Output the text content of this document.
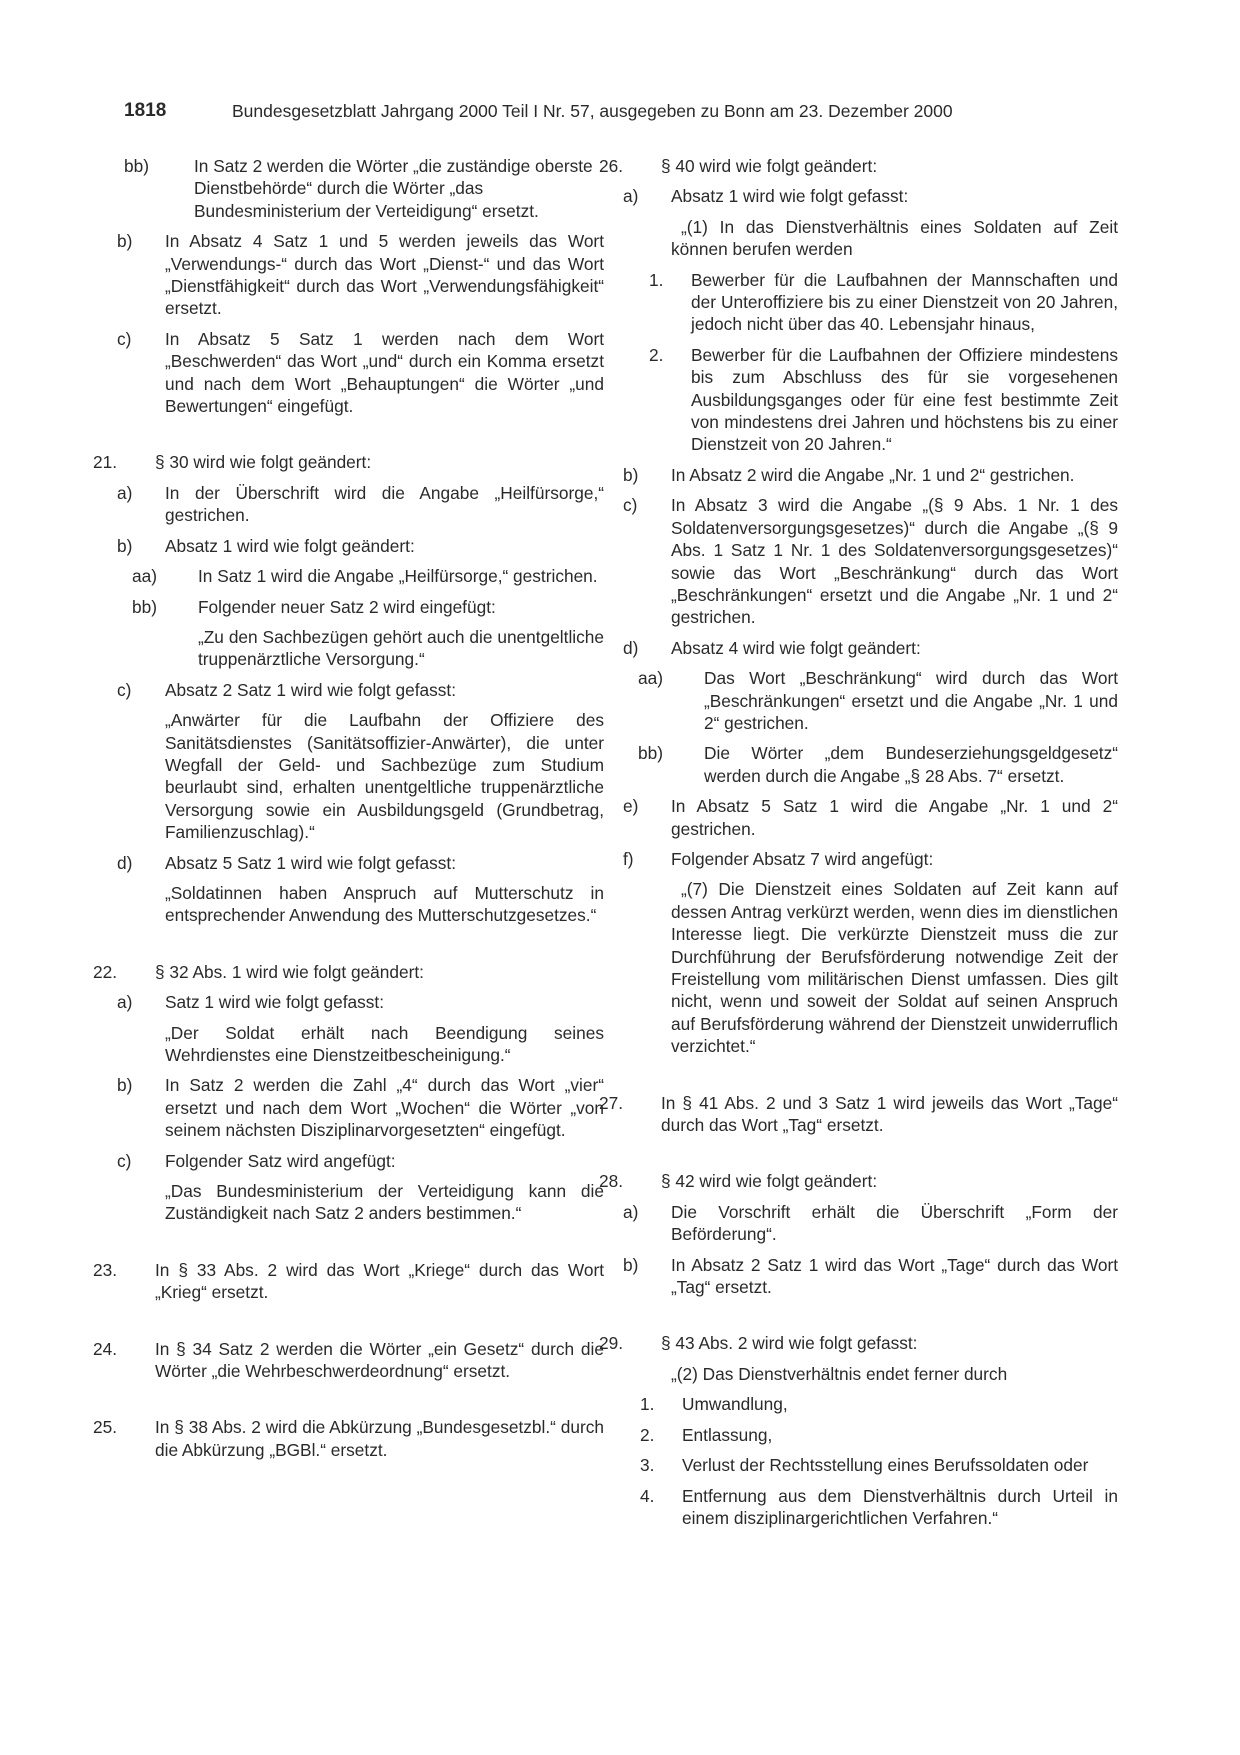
1818	Bundesgesetzblatt Jahrgang 2000 Teil I Nr. 57, ausgegeben zu Bonn am 23. Dezember 2000
bb)	In Satz 2 werden die Wörter „die zuständige oberste Dienstbehörde“ durch die Wörter „das Bundesministerium der Verteidigung“ ersetzt.
b) In Absatz 4 Satz 1 und 5 werden jeweils das Wort „Verwendungs-“ durch das Wort „Dienst-“ und das Wort „Dienstfähigkeit“ durch das Wort „Verwendungsfähigkeit“ ersetzt.
c) In Absatz 5 Satz 1 werden nach dem Wort „Beschwerden“ das Wort „und“ durch ein Komma ersetzt und nach dem Wort „Behauptungen“ die Wörter „und Bewertungen“ eingefügt.
21. § 30 wird wie folgt geändert:
a) In der Überschrift wird die Angabe „Heilfürsorge,“ gestrichen.
b) Absatz 1 wird wie folgt geändert:
aa) In Satz 1 wird die Angabe „Heilfürsorge,“ gestrichen.
bb) Folgender neuer Satz 2 wird eingefügt:

„Zu den Sachbezügen gehört auch die unentgeltliche truppenärztliche Versorgung.“

c) Absatz 2 Satz 1 wird wie folgt gefasst:

„Anwärter für die Laufbahn der Offiziere des Sanitätsdienstes (Sanitätsoffizier-Anwärter), die unter Wegfall der Geld- und Sachbezüge zum Studium beurlaubt sind, erhalten unentgeltliche truppenärztliche Versorgung sowie ein Ausbildungsgeld (Grundbetrag, Familienzuschlag).“

d) Absatz 5 Satz 1 wird wie folgt gefasst:

„Soldatinnen haben Anspruch auf Mutterschutz in entsprechender Anwendung des Mutterschutzgesetzes.“

22. § 32 Abs. 1 wird wie folgt geändert:
a) Satz 1 wird wie folgt gefasst:

„Der Soldat erhält nach Beendigung seines Wehrdienstes eine Dienstzeitbescheinigung.“

b) In Satz 2 werden die Zahl „4“ durch das Wort „vier“ ersetzt und nach dem Wort „Wochen“ die Wörter „von seinem nächsten Disziplinarvorgesetzten“ eingefügt.
c) Folgender Satz wird angefügt:

„Das Bundesministerium der Verteidigung kann die Zuständigkeit nach Satz 2 anders bestimmen.“

23. In § 33 Abs. 2 wird das Wort „Kriege“ durch das Wort „Krieg“ ersetzt.
24. In § 34 Satz 2 werden die Wörter „ein Gesetz“ durch die Wörter „die Wehrbeschwerdeordnung“ ersetzt.
25. In § 38 Abs. 2 wird die Abkürzung „Bundesgesetzbl.“ durch die Abkürzung „BGBl.“ ersetzt.
26. § 40 wird wie folgt geändert:
a) Absatz 1 wird wie folgt gefasst:

„(1) In das Dienstverhältnis eines Soldaten auf Zeit können berufen werden

1. Bewerber für die Laufbahnen der Mannschaften und der Unteroffiziere bis zu einer Dienstzeit von 20 Jahren, jedoch nicht über das 40. Lebensjahr hinaus,
2. Bewerber für die Laufbahnen der Offiziere mindestens bis zum Abschluss des für sie vorgesehenen Ausbildungsganges oder für eine fest bestimmte Zeit von mindestens drei Jahren und höchstens bis zu einer Dienstzeit von 20 Jahren.“
b) In Absatz 2 wird die Angabe „Nr. 1 und 2“ gestrichen.
c) In Absatz 3 wird die Angabe „(§ 9 Abs. 1 Nr. 1 des Soldatenversorgungsgesetzes)“ durch die Angabe „(§ 9 Abs. 1 Satz 1 Nr. 1 des Soldatenversorgungsgesetzes)“ sowie das Wort „Beschränkung“ durch das Wort „Beschränkungen“ ersetzt und die Angabe „Nr. 1 und 2“ gestrichen.
d) Absatz 4 wird wie folgt geändert:
aa) Das Wort „Beschränkung“ wird durch das Wort „Beschränkungen“ ersetzt und die Angabe „Nr. 1 und 2“ gestrichen.
bb) Die Wörter „dem Bundeserziehungsgeldgesetz“ werden durch die Angabe „§ 28 Abs. 7“ ersetzt.
e) In Absatz 5 Satz 1 wird die Angabe „Nr. 1 und 2“ gestrichen.
f) Folgender Absatz 7 wird angefügt:

„(7) Die Dienstzeit eines Soldaten auf Zeit kann auf dessen Antrag verkürzt werden, wenn dies im dienstlichen Interesse liegt. Die verkürzte Dienstzeit muss die zur Durchführung der Berufsförderung notwendige Zeit der Freistellung vom militärischen Dienst umfassen. Dies gilt nicht, wenn und soweit der Soldat auf seinen Anspruch auf Berufsförderung während der Dienstzeit unwiderruflich verzichtet.“

27. In § 41 Abs. 2 und 3 Satz 1 wird jeweils das Wort „Tage“ durch das Wort „Tag“ ersetzt.
28. § 42 wird wie folgt geändert:
a) Die Vorschrift erhält die Überschrift „Form der Beförderung“.
b) In Absatz 2 Satz 1 wird das Wort „Tage“ durch das Wort „Tag“ ersetzt.
29. § 43 Abs. 2 wird wie folgt gefasst:

„(2) Das Dienstverhältnis endet ferner durch

1. Umwandlung,
2. Entlassung,
3. Verlust der Rechtsstellung eines Berufssoldaten oder
4. Entfernung aus dem Dienstverhältnis durch Urteil in einem disziplinargerichtlichen Verfahren.“
